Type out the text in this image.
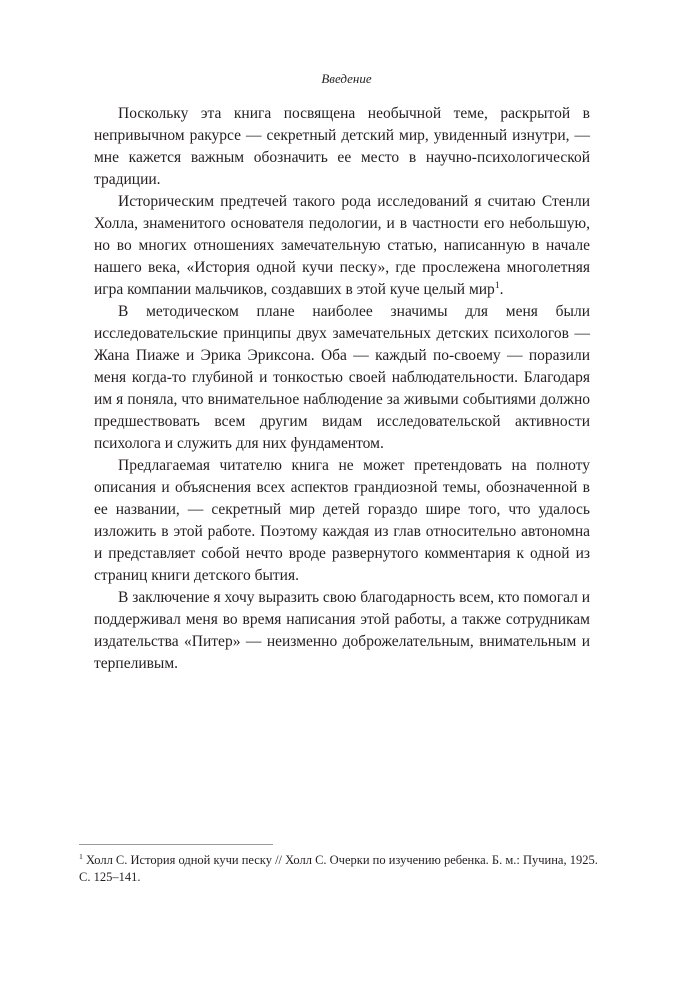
Введение

Поскольку эта книга посвящена необычной теме, раскрытой в непривычном ракурсе — секретный детский мир, увиденный изнутри, — мне кажется важным обозначить ее место в научно-психологической традиции.

Историческим предтечей такого рода исследований я считаю Стенли Холла, знаменитого основателя педологии, и в частности его небольшую, но во многих отношениях замечательную статью, написанную в начале нашего века, «История одной кучи песку», где прослежена многолетняя игра компании мальчиков, создавших в этой куче целый мир$^1$.

В методическом плане наиболее значимы для меня были исследовательские принципы двух замечательных детских психологов — Жана Пиаже и Эрика Эриксона. Оба — каждый по-своему — поразили меня когда-то глубиной и тонкостью своей наблюдательности. Благодаря им я поняла, что внимательное наблюдение за живыми событиями должно предшествовать всем другим видам исследовательской активности психолога и служить для них фундаментом.

Предлагаемая читателю книга не может претендовать на полноту описания и объяснения всех аспектов грандиозной темы, обозначенной в ее названии, — секретный мир детей гораздо шире того, что удалось изложить в этой работе. Поэтому каждая из глав относительно автономна и представляет собой нечто вроде развернутого комментария к одной из страниц книги детского бытия.

В заключение я хочу выразить свою благодарность всем, кто помогал и поддерживал меня во время написания этой работы, а также сотрудникам издательства «Питер» — неизменно доброжелательным, внимательным и терпеливым.

$^1$ Холл С. История одной кучи песку // Холл С. Очерки по изучению ребенка. Б. м.: Пучина, 1925. С. 125–141.
